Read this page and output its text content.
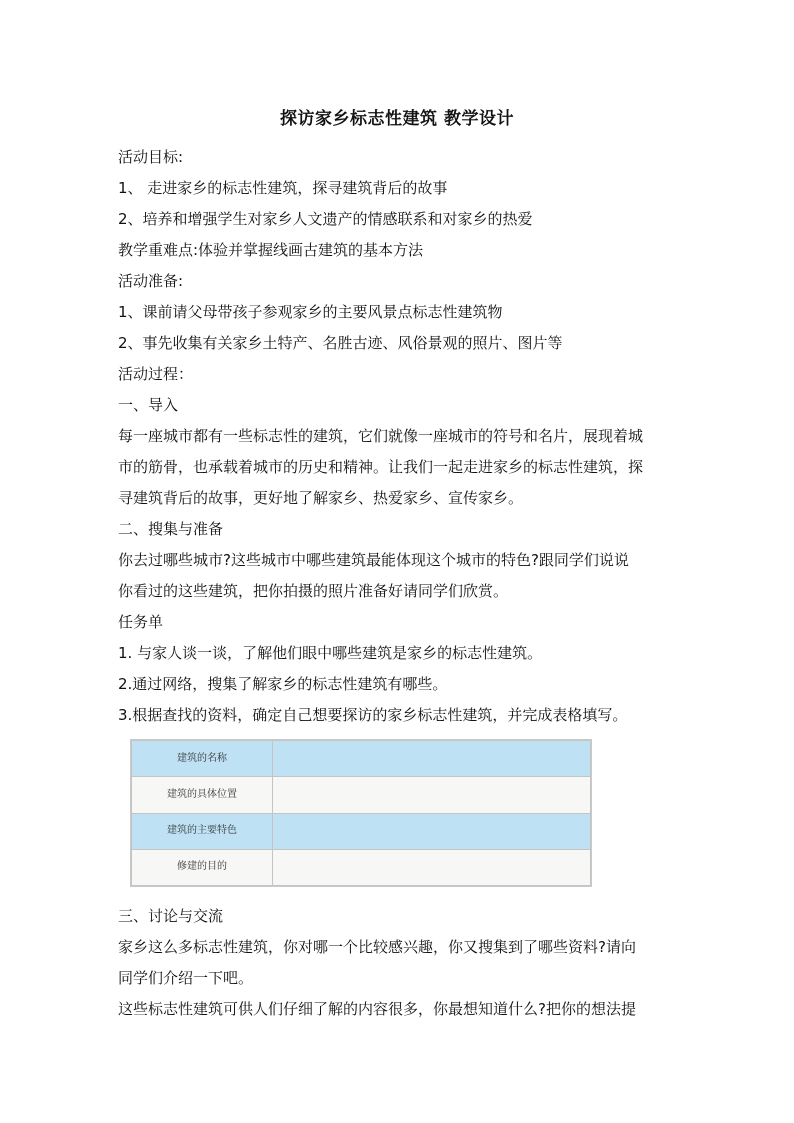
探访家乡标志性建筑 教学设计

活动目标:

1、 走进家乡的标志性建筑，探寻建筑背后的故事

2、培养和增强学生对家乡人文遗产的情感联系和对家乡的热爱

教学重难点:体验并掌握线画古建筑的基本方法

活动准备:

1、课前请父母带孩子参观家乡的主要风景点标志性建筑物

2、事先收集有关家乡土特产、名胜古迹、风俗景观的照片、图片等

活动过程：

一、导入

每一座城市都有一些标志性的建筑，它们就像一座城市的符号和名片，展现着城

市的筋骨，也承载着城市的历史和精神。让我们一起走进家乡的标志性建筑，探

寻建筑背后的故事，更好地了解家乡、热爱家乡、宣传家乡。

二、搜集与准备

你去过哪些城市?这些城市中哪些建筑最能体现这个城市的特色?跟同学们说说

你看过的这些建筑，把你拍摄的照片准备好请同学们欣赏。

任务单

1. 与家人谈一谈，了解他们眼中哪些建筑是家乡的标志性建筑。

2.通过网络，搜集了解家乡的标志性建筑有哪些。

3.根据查找的资料，确定自己想要探访的家乡标志性建筑，并完成表格填写。

建筑的名称	
建筑的具体位置	
建筑的主要特色	
修建的目的	

三、讨论与交流

家乡这么多标志性建筑，你对哪一个比较感兴趣，你又搜集到了哪些资料?请向

同学们介绍一下吧。

这些标志性建筑可供人们仔细了解的内容很多，你最想知道什么?把你的想法提
